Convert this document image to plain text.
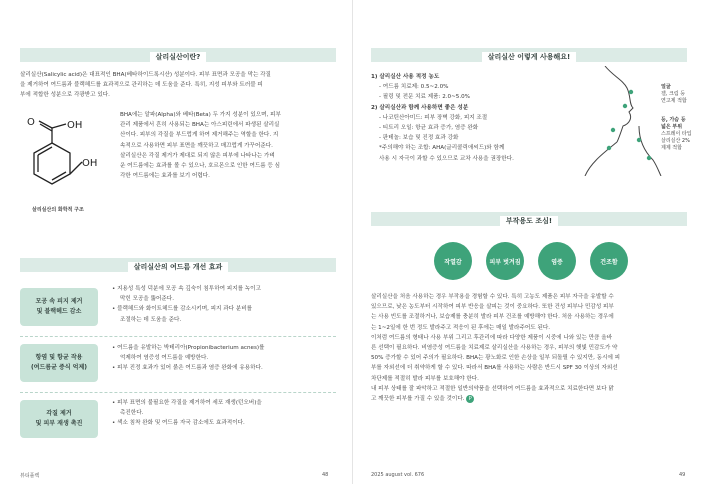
살리실산이란?
살리실산(Salicylic acid)은 대표적인 BHA(베타하이드록시산) 성분이다. 피부 표면과 모공을 막는 각질
을 제거하여 여드름과 블랙헤드를 효과적으로 관리하는 데 도움을 준다. 특히, 지성 피부와 트러블 피
부에 적합한 성분으로 각광받고 있다.
O	OH
OH
살리실산의 화학적 구조
BHA에는 알파(Alpha)와 베타(Beta) 두 가지 성분이 있으며, 피부
관리 제품에서 흔히 사용되는 BHA는 아스피린에서 파생된 살리실
산이다. 피부의 각질을 부드럽게 하여 제거해주는 역할을 한다. 지
속적으로 사용하면 피부 표면을 깨끗하고 매끄럽게 가꾸어준다.
살리실산은 각질 제거가 제대로 되지 않은 피부에 나타나는 가벼
운 여드름에는 효과를 볼 수 있으나, 호르몬으로 인한 여드름 등 심
각한 여드름에는 효과를 보기 어렵다.
살리실산의 여드름 개선 효과
모공 속 피지 제거
및 블랙헤드 감소
• 지용성 특성 덕분에 모공 속 깊숙이 침투하여 피지를 녹이고
막힌 모공을 뚫어준다.
• 블랙헤드와 화이트헤드를 감소시키며, 피지 과다 분비를
조절하는 데 도움을 준다.
항염 및 항균 작용
(여드름균 증식 억제)
• 여드름을 유발하는 박테리아(Propionibacterium acnes)를
억제하여 염증성 여드름을 예방한다.
• 피부 진정 효과가 있어 붉은 여드름과 염증 완화에 유용하다.
각질 제거
및 피부 재생 촉진
• 피부 표면의 불필요한 각질을 제거하여 세포 재생(턴오버)을
촉진한다.
• 색소 침착 완화 및 여드름 자국 감소에도 효과적이다.
뷰티플렉	48
살리실산 이렇게 사용해요!
1) 살리실산 사용 적정 농도
- 여드름 치료제: 0.5~2.0%
- 필링 및 전문 치료 제품: 2.0~5.0%
2) 살리실산과 함께 사용하면 좋은 성분
- 나코틴산아미드: 피부 장벽 강화, 피지 조절
- 티트리 오일: 항균 효과 증가, 염증 완화
- 판테놀: 보습 및 진정 효과 강화
*주의해야 하는 조합: AHA(글리콜릭애씨드)와 함께
사용 시 자극이 과할 수 있으므로 교차 사용을 권장한다.
얼굴
겔, 크림 등
연고제 적합
등, 가슴 등
넓은 부위
스프레이 타입
살리실산 2%
제제 적합
부작용도 조심!
작열감	피부 벗겨짐	염증	건조함
살리실산을 처음 사용하는 경우 부작용을 경험할 수 있다. 특히 고농도 제품은 피부 자극을 유발할 수
있으므로, 낮은 농도부터 시작하여 피부 반응을 살피는 것이 중요하다. 또한 건성 피부나 민감성 피부
는 사용 빈도를 조절하거나, 보습제를 충분히 발라 피부 건조를 예방해야 한다. 처음 사용하는 경우에
는 1~2일에 한 번 정도 발라주고 적응이 된 후에는 매일 발라주어도 된다.
이처럼 여드름의 형태나 사용 부위 그리고 후관리에 따라 다양한 제품이 시중에 나와 있는 만큼 올바
른 선택이 필요하다. 비염증성 여드름을 치료제로 살리실산을 사용하는 경우, 피부의 햇빛 민감도가 약
50% 증가할 수 있어 주의가 필요하다. BHA는 광노화로 인한 손상을 일부 되돌릴 수 있지만, 동시에 피
부를 자외선에 더 취약하게 할 수 있다. 따라서 BHA를 사용하는 사람은 반드시 SPF 30 이상의 자외선
차단제를 적절히 발라 피부를 보호해야 한다.
내 피부 상태를 잘 파악하고 적절한 일반의약품을 선택하여 여드름을 효과적으로 치료한다면 보다 맑
고 깨끗한 피부를 가질 수 있을 것이다. P
2025 august vol. 676	49
